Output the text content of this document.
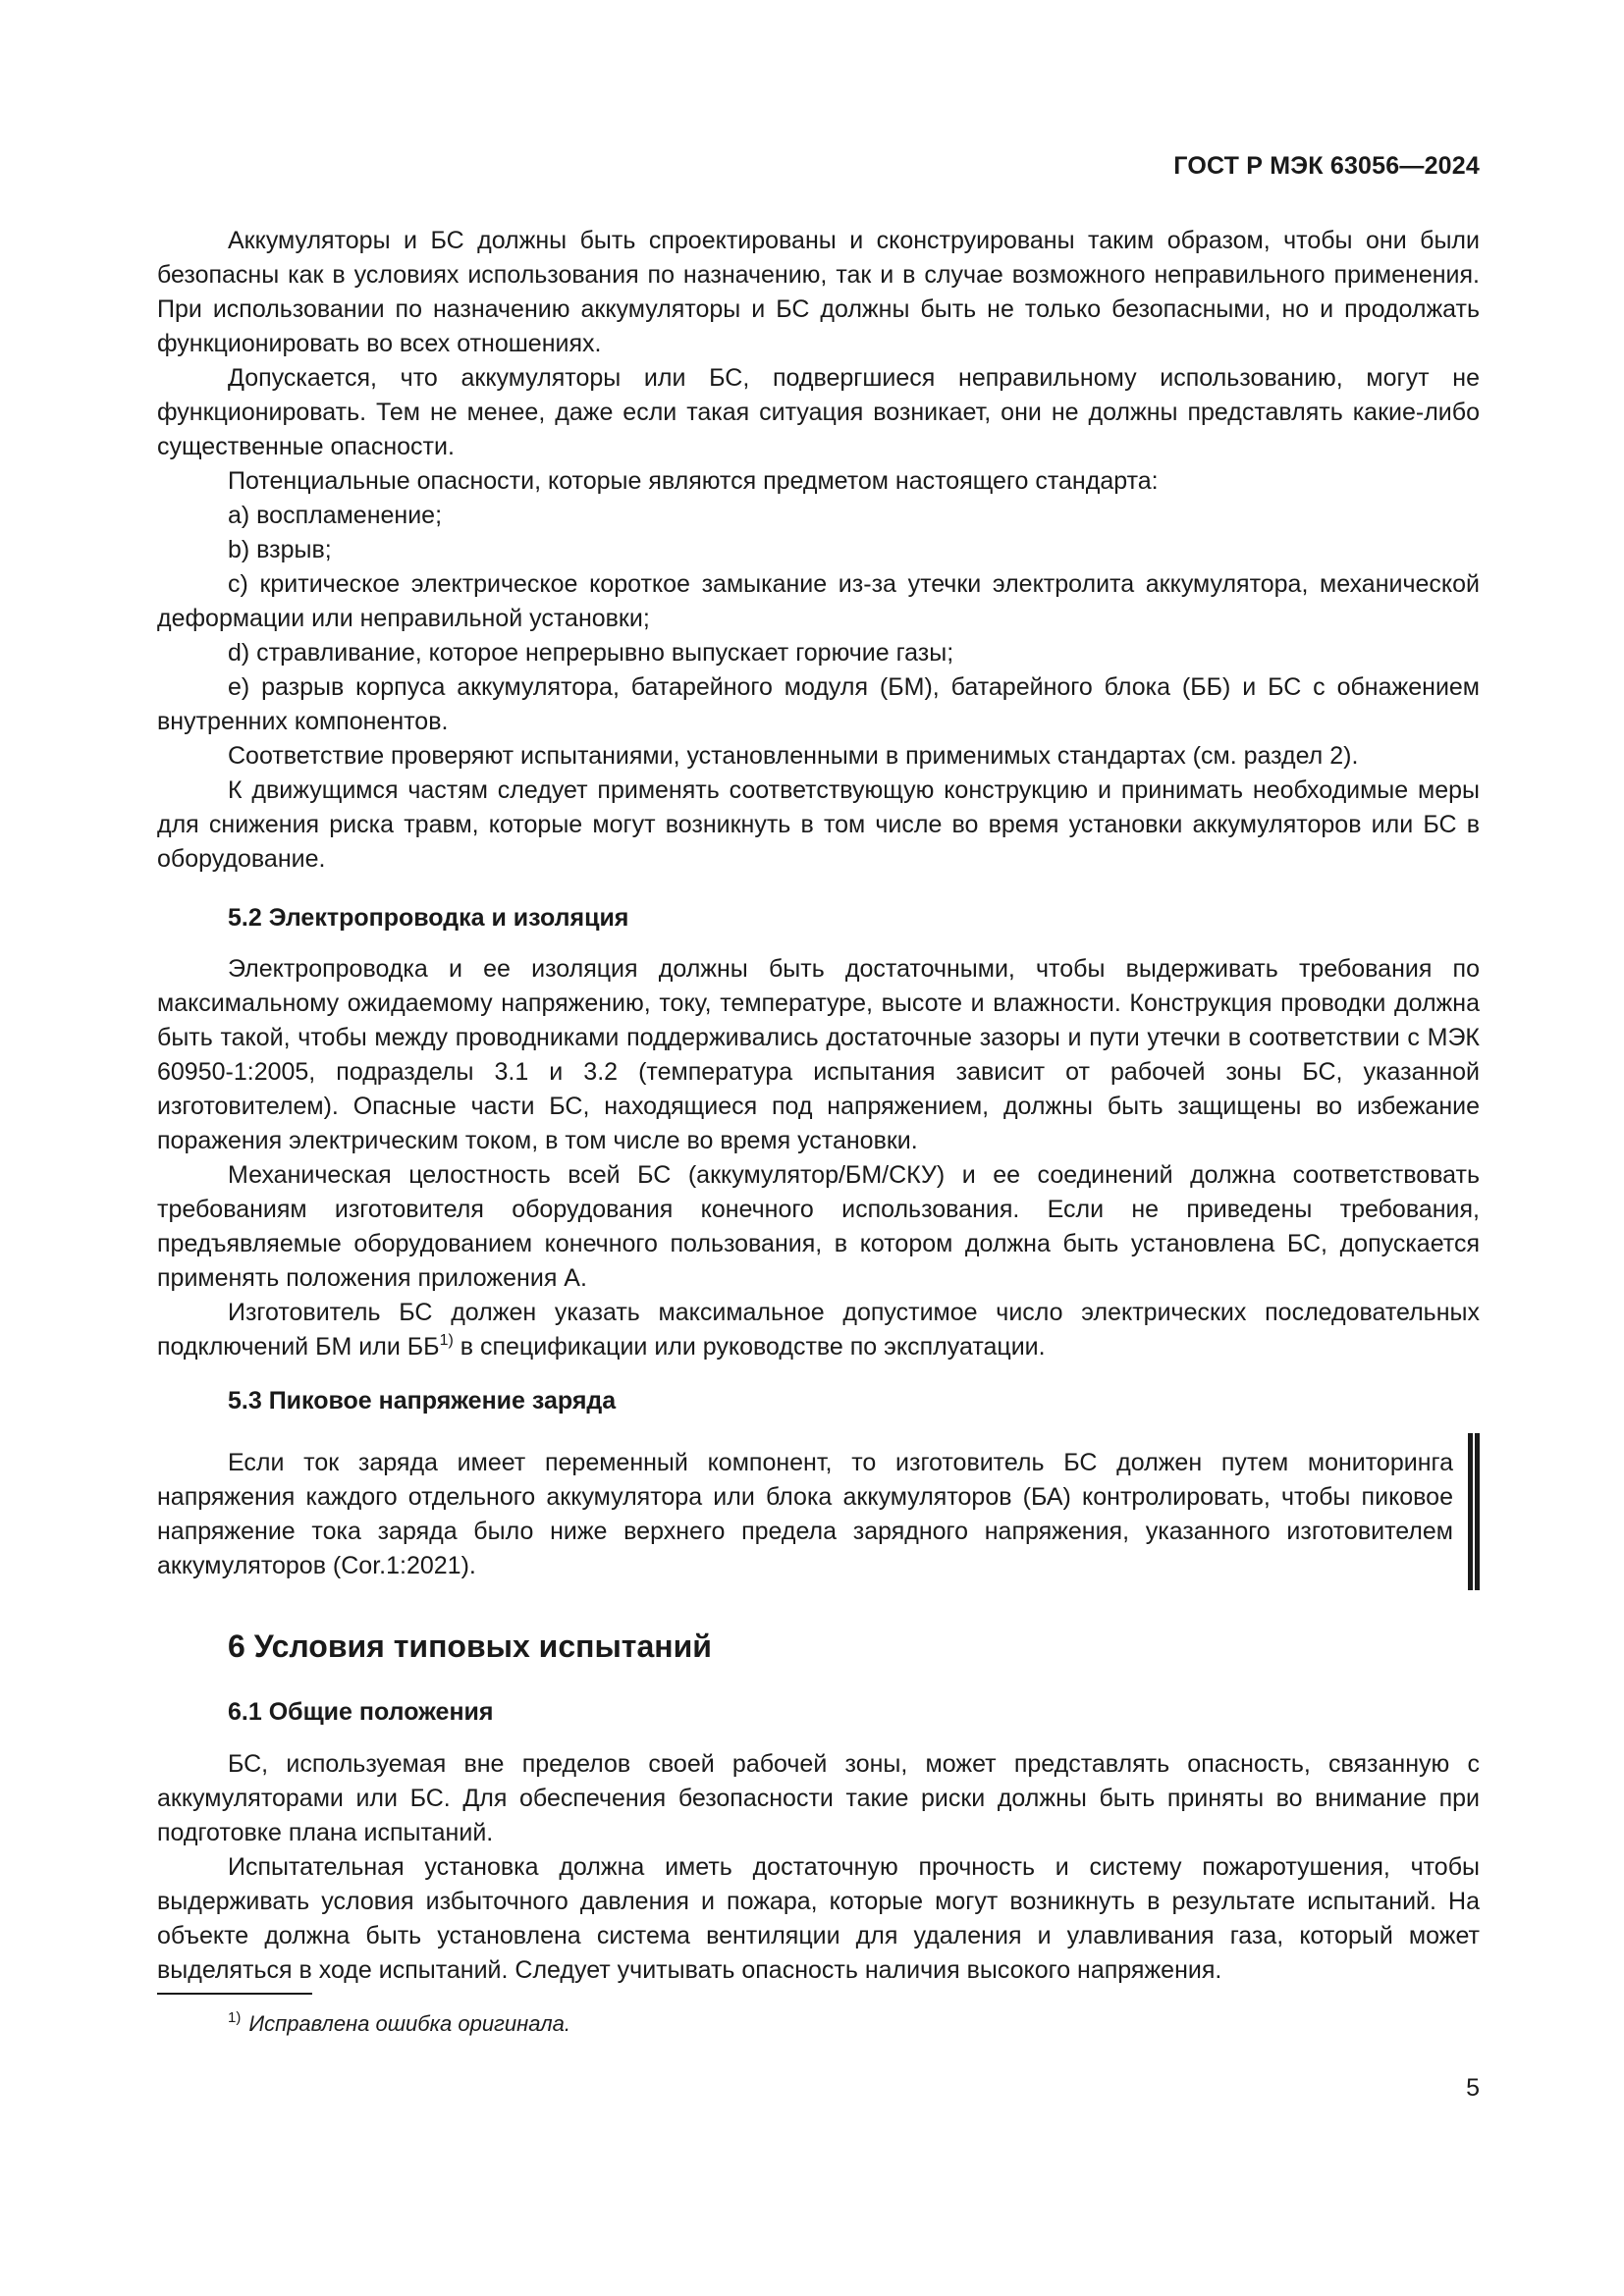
ГОСТ Р МЭК 63056—2024

Аккумуляторы и БС должны быть спроектированы и сконструированы таким образом, чтобы они были безопасны как в условиях использования по назначению, так и в случае возможного неправильного применения. При использовании по назначению аккумуляторы и БС должны быть не только безопасными, но и продолжать функционировать во всех отношениях.

Допускается, что аккумуляторы или БС, подвергшиеся неправильному использованию, могут не функционировать. Тем не менее, даже если такая ситуация возникает, они не должны представлять какие-либо существенные опасности.

Потенциальные опасности, которые являются предметом настоящего стандарта:

a) воспламенение;

b) взрыв;

c) критическое электрическое короткое замыкание из-за утечки электролита аккумулятора, механической деформации или неправильной установки;

d) стравливание, которое непрерывно выпускает горючие газы;

e) разрыв корпуса аккумулятора, батарейного модуля (БМ), батарейного блока (ББ) и БС с обнажением внутренних компонентов.

Соответствие проверяют испытаниями, установленными в применимых стандартах (см. раздел 2).

К движущимся частям следует применять соответствующую конструкцию и принимать необходимые меры для снижения риска травм, которые могут возникнуть в том числе во время установки аккумуляторов или БС в оборудование.

5.2 Электропроводка и изоляция

Электропроводка и ее изоляция должны быть достаточными, чтобы выдерживать требования по максимальному ожидаемому напряжению, току, температуре, высоте и влажности. Конструкция проводки должна быть такой, чтобы между проводниками поддерживались достаточные зазоры и пути утечки в соответствии с МЭК 60950-1:2005, подразделы 3.1 и 3.2 (температура испытания зависит от рабочей зоны БС, указанной изготовителем). Опасные части БС, находящиеся под напряжением, должны быть защищены во избежание поражения электрическим током, в том числе во время установки.

Механическая целостность всей БС (аккумулятор/БМ/СКУ) и ее соединений должна соответствовать требованиям изготовителя оборудования конечного использования. Если не приведены требования, предъявляемые оборудованием конечного пользования, в котором должна быть установлена БС, допускается применять положения приложения А.

Изготовитель БС должен указать максимальное допустимое число электрических последовательных подключений БМ или ББ$^{1)}$ в спецификации или руководстве по эксплуатации.

5.3 Пиковое напряжение заряда

Если ток заряда имеет переменный компонент, то изготовитель БС должен путем мониторинга напряжения каждого отдельного аккумулятора или блока аккумуляторов (БА) контролировать, чтобы пиковое напряжение тока заряда было ниже верхнего предела зарядного напряжения, указанного изготовителем аккумуляторов (Cor.1:2021).

6 Условия типовых испытаний
6.1 Общие положения

БС, используемая вне пределов своей рабочей зоны, может представлять опасность, связанную с аккумуляторами или БС. Для обеспечения безопасности такие риски должны быть приняты во внимание при подготовке плана испытаний.

Испытательная установка должна иметь достаточную прочность и систему пожаротушения, чтобы выдерживать условия избыточного давления и пожара, которые могут возникнуть в результате испытаний. На объекте должна быть установлена система вентиляции для удаления и улавливания газа, который может выделяться в ходе испытаний. Следует учитывать опасность наличия высокого напряжения.

$^{1)}$ Исправлена ошибка оригинала.
5
